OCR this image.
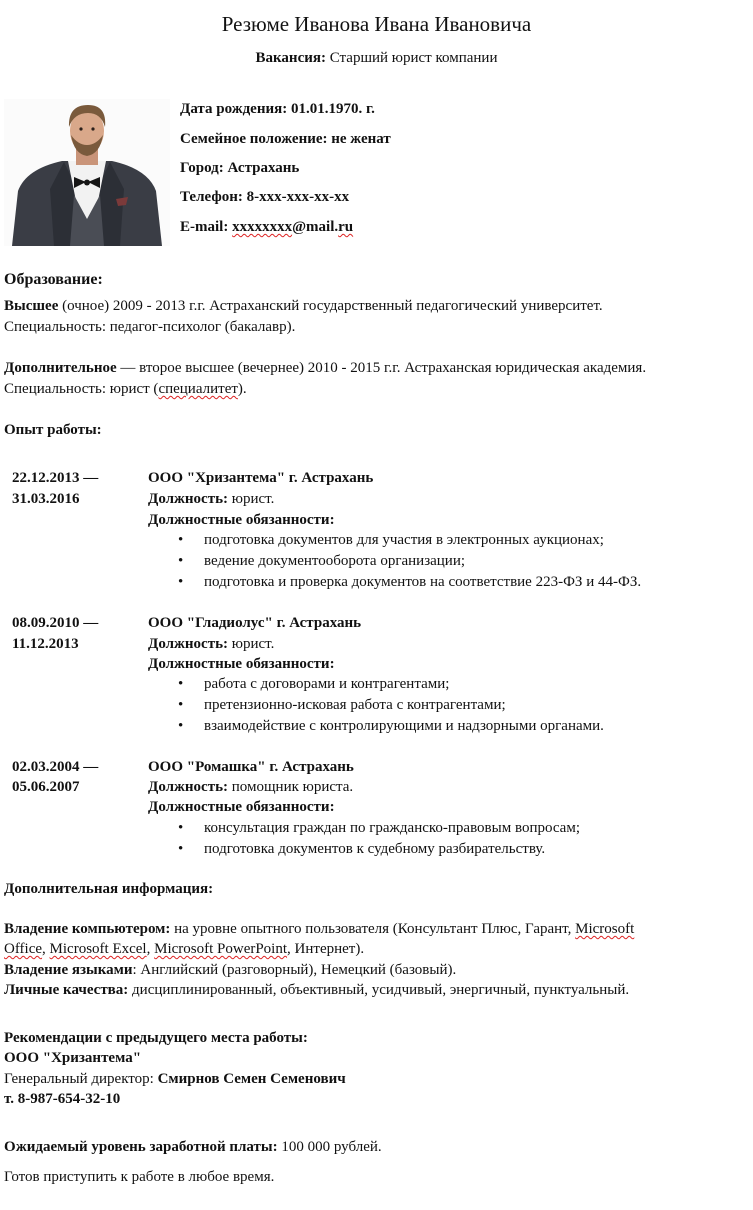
Резюме Иванова Ивана Ивановича
Вакансия: Старший юрист компании
Дата рождения: 01.01.1970. г.
Семейное положение: не женат
Город: Астрахань
Телефон: 8-ххх-ххх-хх-хх
E-mail: хххххххх@mail.ru
Образование:
Высшее (очное) 2009 - 2013 г.г. Астраханский государственный педагогический университет.
Специальность: педагог-психолог (бакалавр).
Дополнительное — второе высшее (вечернее) 2010 - 2015 г.г. Астраханская юридическая академия.
Специальность: юрист (специалитет).
Опыт работы:
22.12.2013 —
31.03.2016
ООО "Хризантема" г. Астрахань
Должность: юрист.
Должностные обязанности:
• подготовка документов для участия в электронных аукционах;
• ведение документооборота организации;
• подготовка и проверка документов на соответствие 223-ФЗ и 44-ФЗ.
08.09.2010 —
11.12.2013
ООО "Гладиолус" г. Астрахань
Должность: юрист.
Должностные обязанности:
• работа с договорами и контрагентами;
• претензионно-исковая работа с контрагентами;
• взаимодействие с контролирующими и надзорными органами.
02.03.2004 —
05.06.2007
ООО "Ромашка" г. Астрахань
Должность: помощник юриста.
Должностные обязанности:
• консультация граждан по гражданско-правовым вопросам;
• подготовка документов к судебному разбирательству.
Дополнительная информация:
Владение компьютером: на уровне опытного пользователя (Консультант Плюс, Гарант, Microsoft
Office, Microsoft Excel, Microsoft PowerPoint, Интернет).
Владение языками: Английский (разговорный), Немецкий (базовый).
Личные качества: дисциплинированный, объективный, усидчивый, энергичный, пунктуальный.
Рекомендации с предыдущего места работы:
ООО "Хризантема"
Генеральный директор: Смирнов Семен Семенович
т. 8-987-654-32-10
Ожидаемый уровень заработной платы: 100 000 рублей.
Готов приступить к работе в любое время.
